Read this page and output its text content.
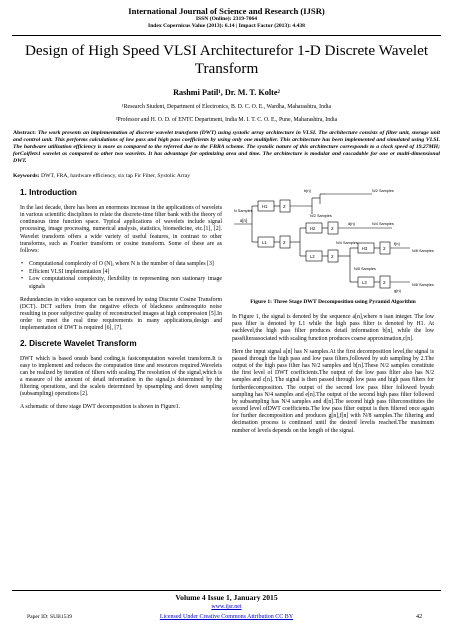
International Journal of Science and Research (IJSR)
ISSN (Online): 2319-7064
Index Copernicus Value (2013): 6.14 | Impact Factor (2013): 4.438
Design of High Speed VLSI Architecturefor 1-D Discrete Wavelet Transform
Rashmi Patil¹, Dr. M. T. Kolte²
¹Research Student, Department of Electronics, B. D. C. O. E., Wardha, Maharashtra, India
²Professor and H. O. D. of ENTC Department, India M. I. T. C. O. E., Pune, Maharashtra, India
Abstract: The work presents an implementation of discrete wavelet transform (DWT) using systolic array architecture in VLSI. The architecture consists of filter unit, storage unit and control unit. This performs calculations of low pass and high pass coefficients by using only one multiplier. This architecture has been implemented and simulated using VLSI. The hardware utilization efficiency is more as compared to the referred due to the FBRA scheme. The systolic nature of this architecture corresponds to a clock speed of 19.27MH; forCoiflets1 wavelet as compared to other two wavelets. It has advantage for optimizing area and time. The architecture is modular and cascadable for one or multi-dimensional DWT.
Keywords: DWT, FRA, hardware efficiency, six tap Fir Filter, Systolic Array
1. Introduction

In the last decade, there has been an enormous increase in the applications of wavelets in various scientific disciplines to relate the discrete-time filter bank with the theory of continuous time function space. Typical applications of wavelets include signal processing, image processing, numerical analysis, statistics, biomedicine, etc.[1], [2]. Wavelet transform offers a wide variety of useful features, in contrast to other transforms, such as Fourier transform or cosine transform. Some of these are as follows:

• Computational complexity of O (N), where N is the number of data samples [3]
• Efficient VLSI implementation [4]
• Low computational complexity, flexibility in representing non stationary image signals

Redundancies in video sequence can be removed by using Discrete Cosine Transform (DCT). DCT suffers from the negative effects of blackness andmosquito noise resulting in poor subjective quality of reconstructed images at high compression [5].In order to meet the real time requirements in many applications,design and implementation of DWT is required [6], [7].

2. Discrete Wavelet Transform

DWT which is based onsub band coding,is fastcomputation wavelet transform.It is easy to implement and reduces the computation time and resources required.Wavelets can be realized by iteration of filters with scaling.The resolution of the signal,which is a measure of the amount of detail information in the signal,is determined by the filtering operations, and the scaleis determined by upsampling and down sampling (subsampling) operations [2].

A schematic of three stage DWT decomposition is shown in Figure1.

N Samples
a[n]
H1
L1
2
2
b[n]	N/2 Samples
N/2 Samples
H2
L2
2
2
d[n]	N/4 Samples
N/4 Samples
H3
L3
2
2
f[n]
N/8 Samples
N/8 Samples
N/8 Samples
g[n]
Figure 1: Three Stage DWT Decomposition using Pyramid Algorithm

In Figure 1, the signal is denoted by the sequence a[n],where n isan integer. The low pass filter is denoted by L1 while the high pass filter is denoted by H1. At eachlevel,the high pass filter produces detail information b[n], while the low passfilterassociated with scaling function produces coarse approximation,c[n].

Here the input signal a[n] has N samples.At the first decomposition level,the signal is passed through the high pass and low pass filters,followed by sub sampling by 2.The output of the high pass filter has N/2 samples and b[n].These N/2 samples constitute the first level of DWT coefficients.The output of the low pass filter also has N/2 samples and c[n]. The signal is then passed through low pass and high pass filters for furtherdecomposition. The output of the second low pass filter followed bysub sampling has N/4 samples and e[n].The output of the second high pass filter followed by subsampling has N/4 samples and d[n].The second high pass filterconstitutes the second level ofDWT coefficients.The low pass filter output is then filtered once again for further decomposition and produces g[n],f[n] with N/8 samples.The filtering and decimation process is continued until the desired levelis reached.The maximum number of levels depends on the length of the signal.

Volume 4 Issue 1, January 2015
www.ijsr.net
Paper ID: SUB1539	Licensed Under Creative Commons Attribution CC BY	42
